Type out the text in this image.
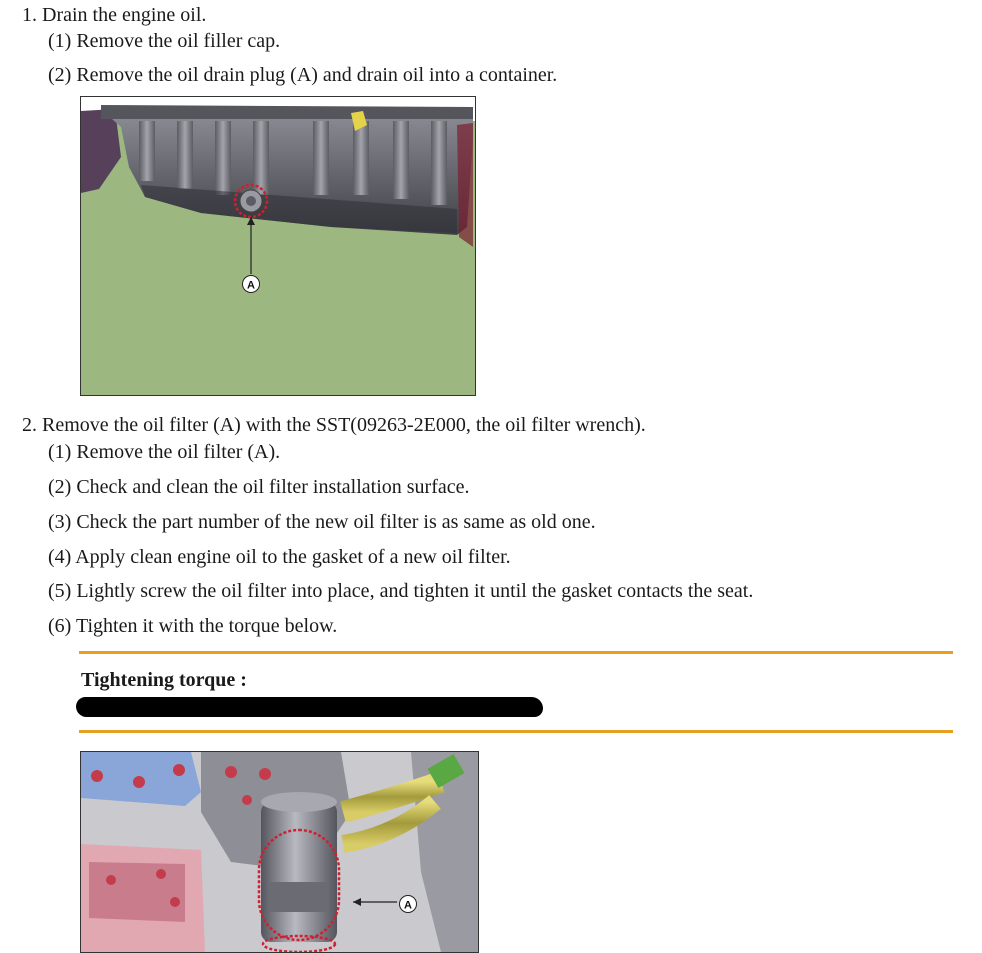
1. Drain the engine oil.
(1) Remove the oil filler cap.
(2) Remove the oil drain plug (A) and drain oil into a container.
A
2. Remove the oil filter (A) with the SST(09263-2E000, the oil filter wrench).
(1) Remove the oil filter (A).
(2) Check and clean the oil filter installation surface.
(3) Check the part number of the new oil filter is as same as old one.
(4) Apply clean engine oil to the gasket of a new oil filter.
(5) Lightly screw the oil filter into place, and tighten it until the gasket contacts the seat.
(6) Tighten it with the torque below.
Tightening torque :
A
